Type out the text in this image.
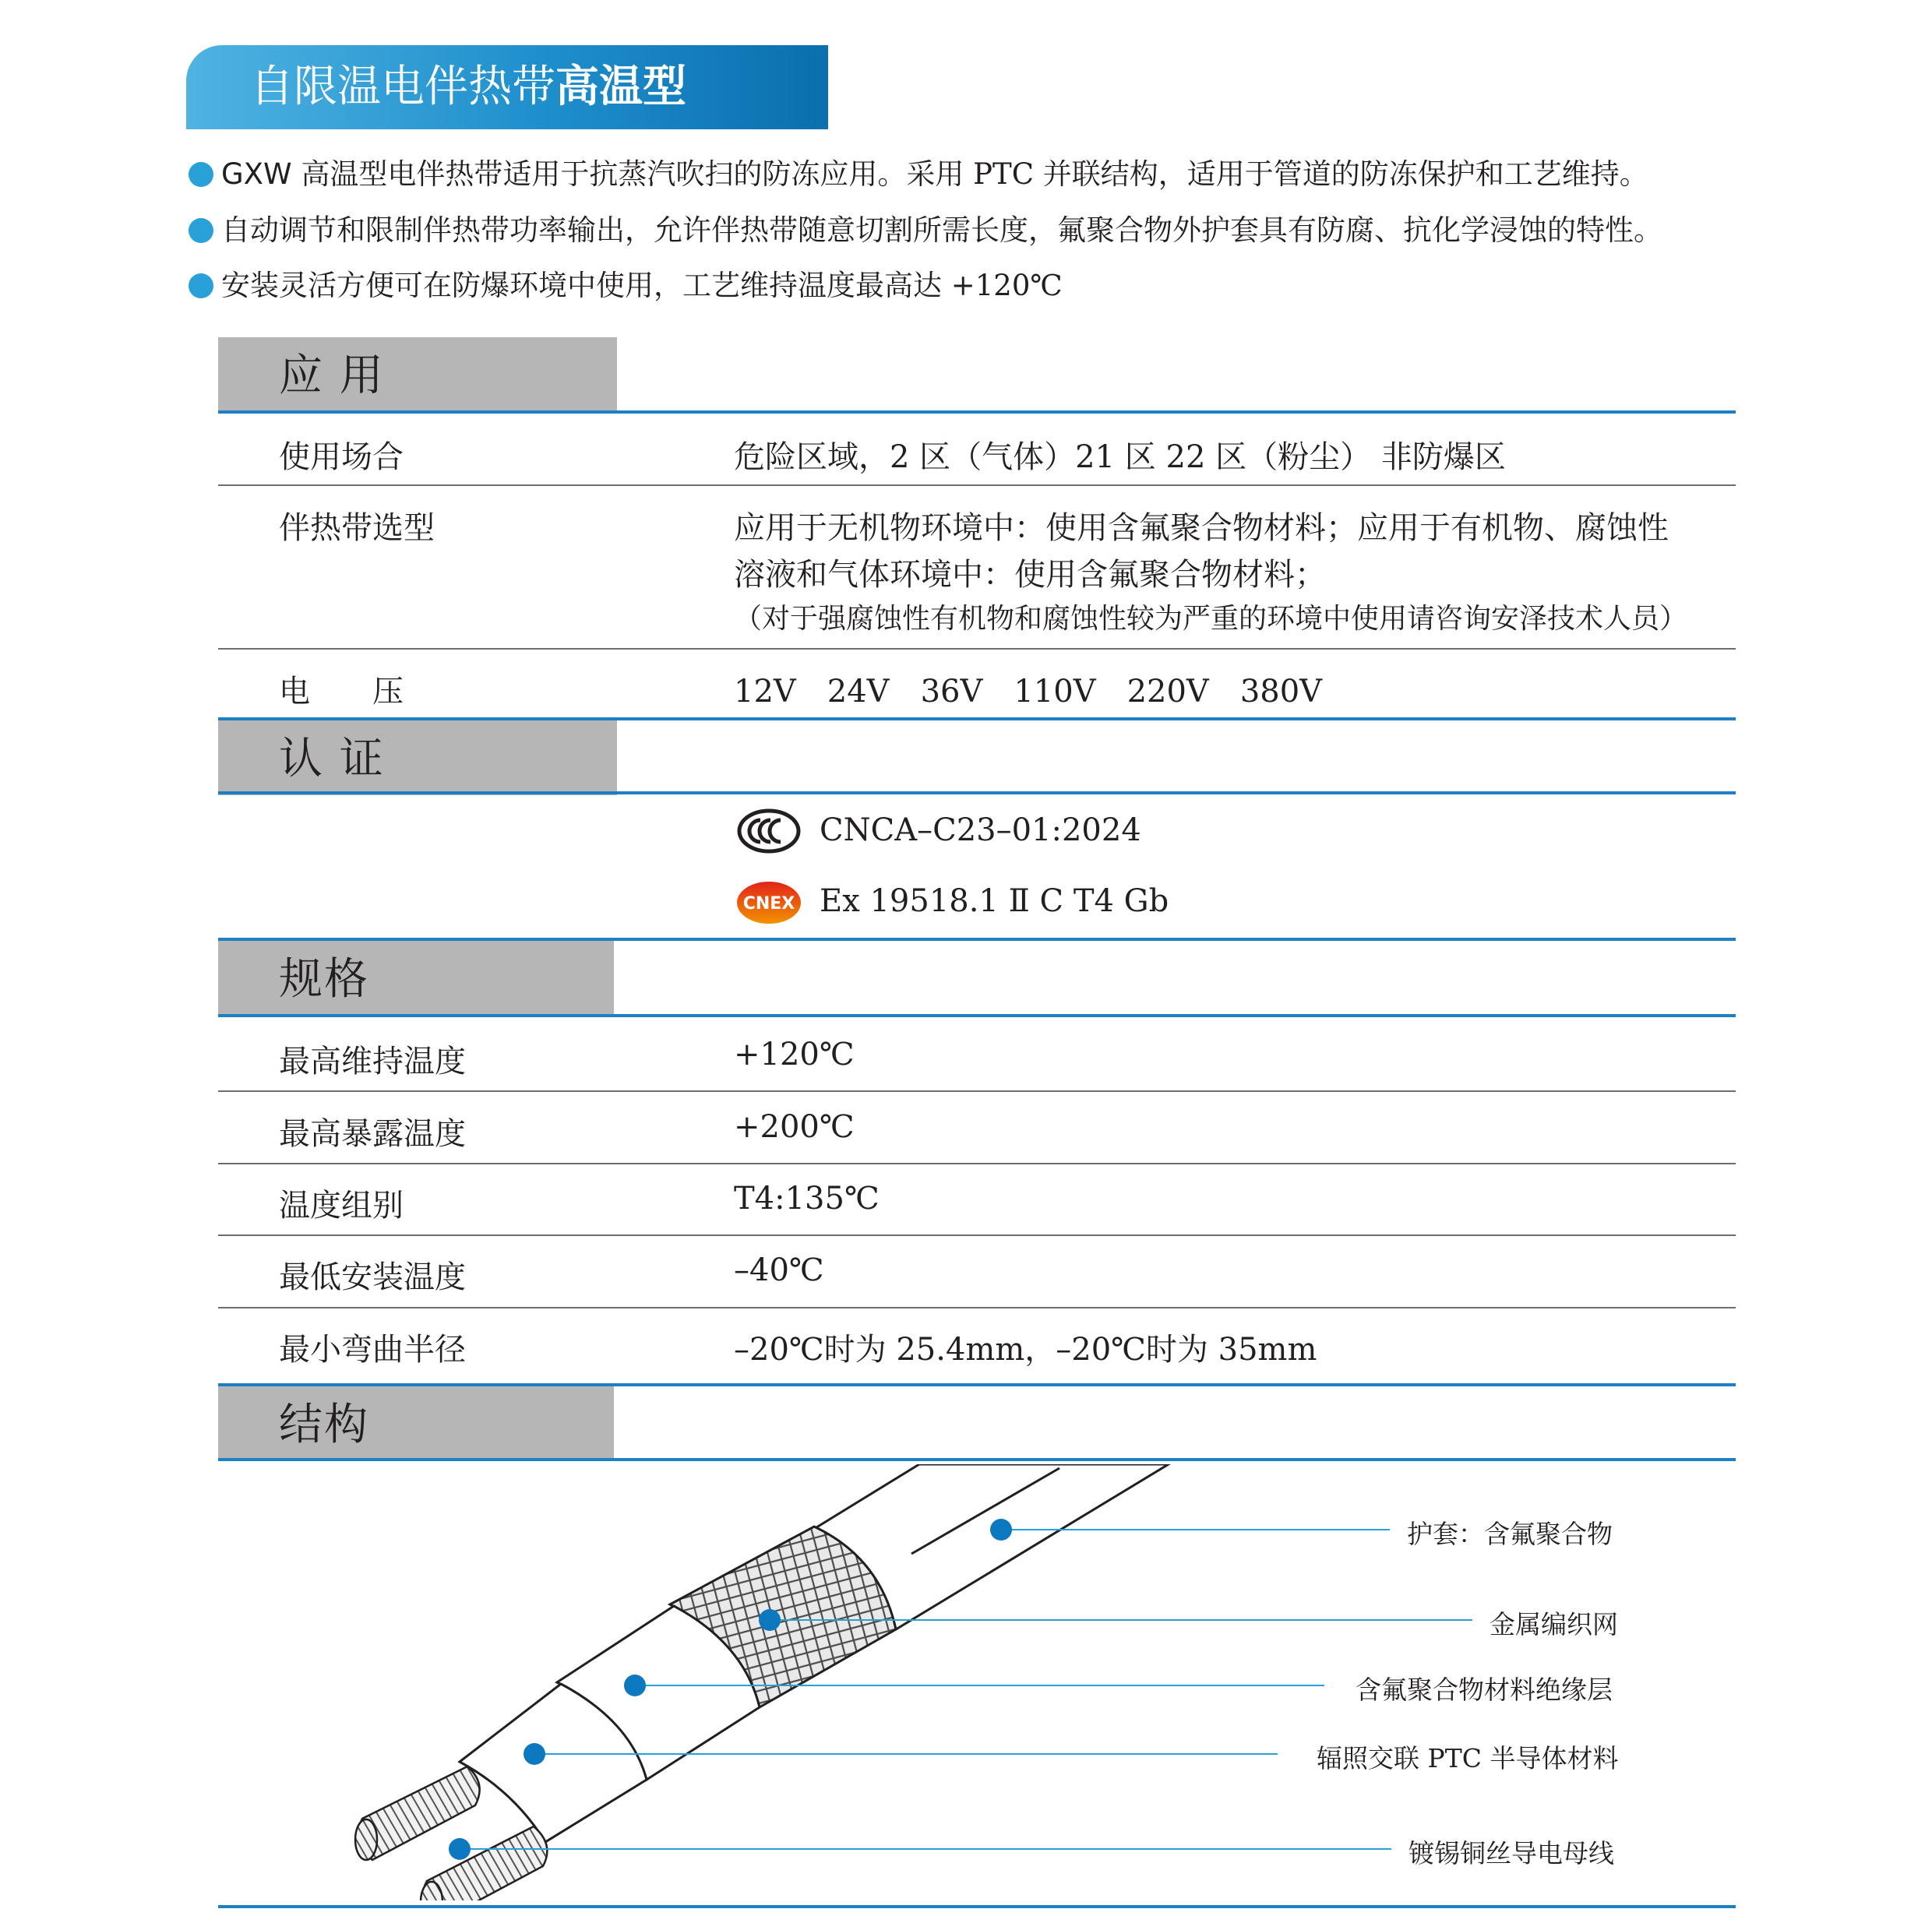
自限温电伴热带高温型
GXW 高温型电伴热带适用于抗蒸汽吹扫的防冻应用。采用 PTC 并联结构，适用于管道的防冻保护和工艺维持。
自动调节和限制伴热带功率输出，允许伴热带随意切割所需长度，氟聚合物外护套具有防腐、抗化学浸蚀的特性。
安装灵活方便可在防爆环境中使用，工艺维持温度最高达 +120℃
应 用
使用场合	危险区域，2 区（气体）21 区 22 区（粉尘） 非防爆区
伴热带选型	应用于无机物环境中：使用含氟聚合物材料；应用于有机物、腐蚀性
溶液和气体环境中：使用含氟聚合物材料；
（对于强腐蚀性有机物和腐蚀性较为严重的环境中使用请咨询安泽技术人员）
电　　压	12V　24V　36V　110V　220V　380V
认 证
CNCA–C23–01:2024
CNEX Ex 19518.1 Ⅱ C T4 Gb
规格
最高维持温度	+120℃
最高暴露温度	+200℃
温度组别	T4:135℃
最低安装温度	–40℃
最小弯曲半径	–20℃时为 25.4mm，–20℃时为 35mm
结构
护套：含氟聚合物
金属编织网
含氟聚合物材料绝缘层
辐照交联 PTC 半导体材料
镀锡铜丝导电母线
